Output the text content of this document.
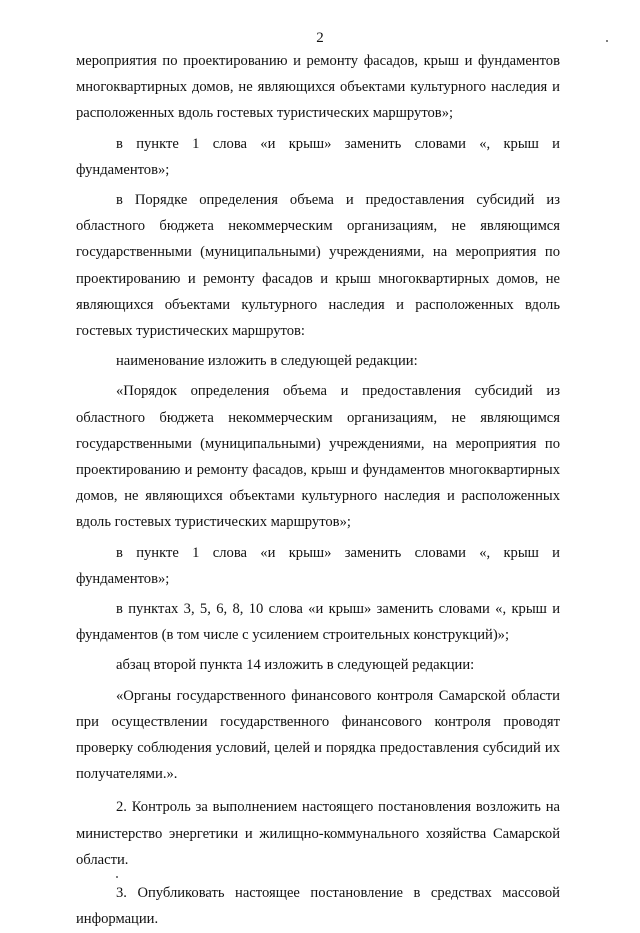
2

мероприятия по проектированию и ремонту фасадов, крыш и фундаментов многоквартирных домов, не являющихся объектами культурного наследия и расположенных вдоль гостевых туристических маршрутов»;

в пункте 1 слова «и крыш» заменить словами «, крыш и фундаментов»;

в Порядке определения объема и предоставления субсидий из областного бюджета некоммерческим организациям, не являющимся государственными (муниципальными) учреждениями, на мероприятия по проектированию и ремонту фасадов и крыш многоквартирных домов, не являющихся объектами культурного наследия и расположенных вдоль гостевых туристических маршрутов:

наименование изложить в следующей редакции:

«Порядок определения объема и предоставления субсидий из областного бюджета некоммерческим организациям, не являющимся государственными (муниципальными) учреждениями, на мероприятия по проектированию и ремонту фасадов, крыш и фундаментов многоквартирных домов, не являющихся объектами культурного наследия и расположенных вдоль гостевых туристических маршрутов»;

в пункте 1 слова «и крыш» заменить словами «, крыш и фундаментов»;

в пунктах 3, 5, 6, 8, 10 слова «и крыш» заменить словами «, крыш и фундаментов (в том числе с усилением строительных конструкций)»;

абзац второй пункта 14 изложить в следующей редакции:

«Органы государственного финансового контроля Самарской области при осуществлении государственного финансового контроля проводят проверку соблюдения условий, целей и порядка предоставления субсидий их получателями.».

2. Контроль за выполнением настоящего постановления возложить на министерство энергетики и жилищно-коммунального хозяйства Самарской области.

3. Опубликовать настоящее постановление в средствах массовой информации.
